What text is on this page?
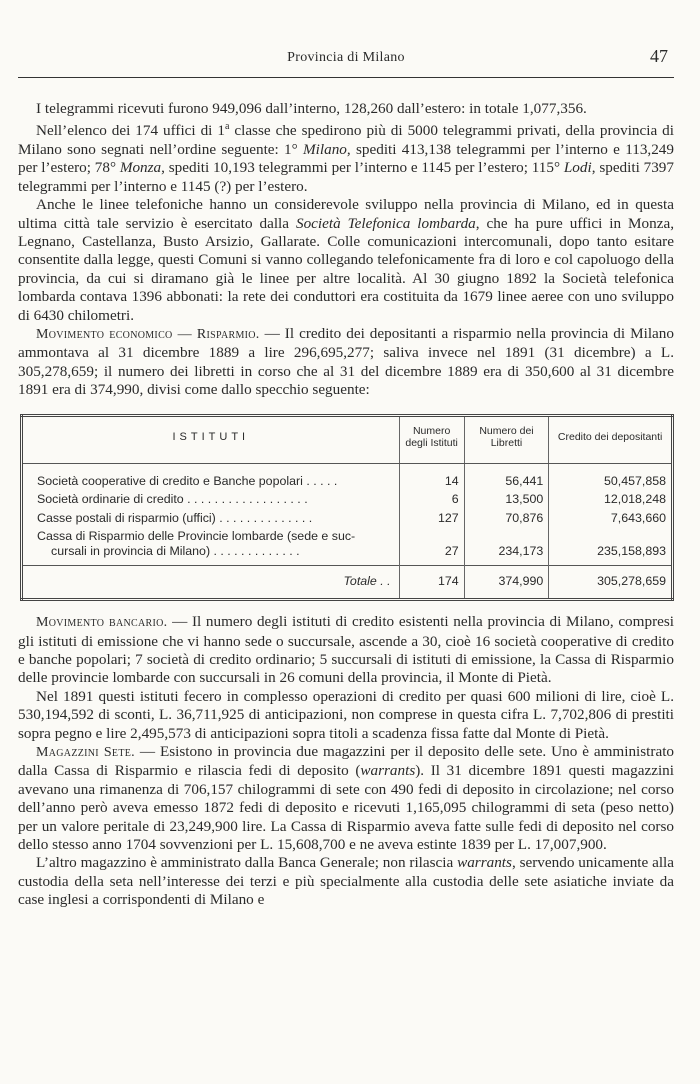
Provincia di Milano	47

I telegrammi ricevuti furono 949,096 dall’interno, 128,260 dall’estero: in totale 1,077,356.

Nell’elenco dei 174 uffici di 1$^a$ classe che spedirono più di 5000 telegrammi privati, della provincia di Milano sono segnati nell’ordine seguente: 1° Milano, spediti 413,138 telegrammi per l’interno e 113,249 per l’estero; 78° Monza, spediti 10,193 telegrammi per l’interno e 1145 per l’estero; 115° Lodi, spediti 7397 telegrammi per l’interno e 1145 (?) per l’estero.

Anche le linee telefoniche hanno un considerevole sviluppo nella provincia di Milano, ed in questa ultima città tale servizio è esercitato dalla Società Telefonica lombarda, che ha pure uffici in Monza, Legnano, Castellanza, Busto Arsizio, Gallarate. Colle comunicazioni intercomunali, dopo tanto esitare consentite dalla legge, questi Comuni si vanno collegando telefonicamente fra di loro e col capoluogo della provincia, da cui si diramano già le linee per altre località. Al 30 giugno 1892 la Società telefonica lombarda contava 1396 abbonati: la rete dei conduttori era costituita da 1679 linee aeree con uno sviluppo di 6430 chilometri.

Movimento economico — Risparmio. — Il credito dei depositanti a risparmio nella provincia di Milano ammontava al 31 dicembre 1889 a lire 296,695,277; saliva invece nel 1891 (31 dicembre) a L. 305,278,659; il numero dei libretti in corso che al 31 del dicembre 1889 era di 350,600 al 31 dicembre 1891 era di 374,990, divisi come dallo specchio seguente:

ISTITUTI	Numero degli Istituti	Numero dei Libretti	Credito dei depositanti
Società cooperative di credito e Banche popolari . . . . .	14	56,441	50,457,858
Società ordinarie di credito . . . . . . . . . . . . . . . . . .	6	13,500	12,018,248
Casse postali di risparmio (uffici) . . . . . . . . . . . . . .	127	70,876	7,643,660
Cassa di Risparmio delle Provincie lombarde (sede e suc-
cursali in provincia di Milano) . . . . . . . . . . . . .	27	234,173	235,158,893
Totale . .	174	374,990	305,278,659

Movimento bancario. — Il numero degli istituti di credito esistenti nella provincia di Milano, compresi gli istituti di emissione che vi hanno sede o succursale, ascende a 30, cioè 16 società cooperative di credito e banche popolari; 7 società di credito ordinario; 5 succursali di istituti di emissione, la Cassa di Risparmio delle provincie lombarde con succursali in 26 comuni della provincia, il Monte di Pietà.

Nel 1891 questi istituti fecero in complesso operazioni di credito per quasi 600 milioni di lire, cioè L. 530,194,592 di sconti, L. 36,711,925 di anticipazioni, non comprese in questa cifra L. 7,702,806 di prestiti sopra pegno e lire 2,495,573 di anticipazioni sopra titoli a scadenza fissa fatte dal Monte di Pietà.

Magazzini Sete. — Esistono in provincia due magazzini per il deposito delle sete. Uno è amministrato dalla Cassa di Risparmio e rilascia fedi di deposito (warrants). Il 31 dicembre 1891 questi magazzini avevano una rimanenza di 706,157 chilogrammi di sete con 490 fedi di deposito in circolazione; nel corso dell’anno però aveva emesso 1872 fedi di deposito e ricevuti 1,165,095 chilogrammi di seta (peso netto) per un valore peritale di 23,249,900 lire. La Cassa di Risparmio aveva fatte sulle fedi di deposito nel corso dello stesso anno 1704 sovvenzioni per L. 15,608,700 e ne aveva estinte 1839 per L. 17,007,900.

L’altro magazzino è amministrato dalla Banca Generale; non rilascia warrants, servendo unicamente alla custodia della seta nell’interesse dei terzi e più specialmente alla custodia delle sete asiatiche inviate da case inglesi a corrispondenti di Milano e
